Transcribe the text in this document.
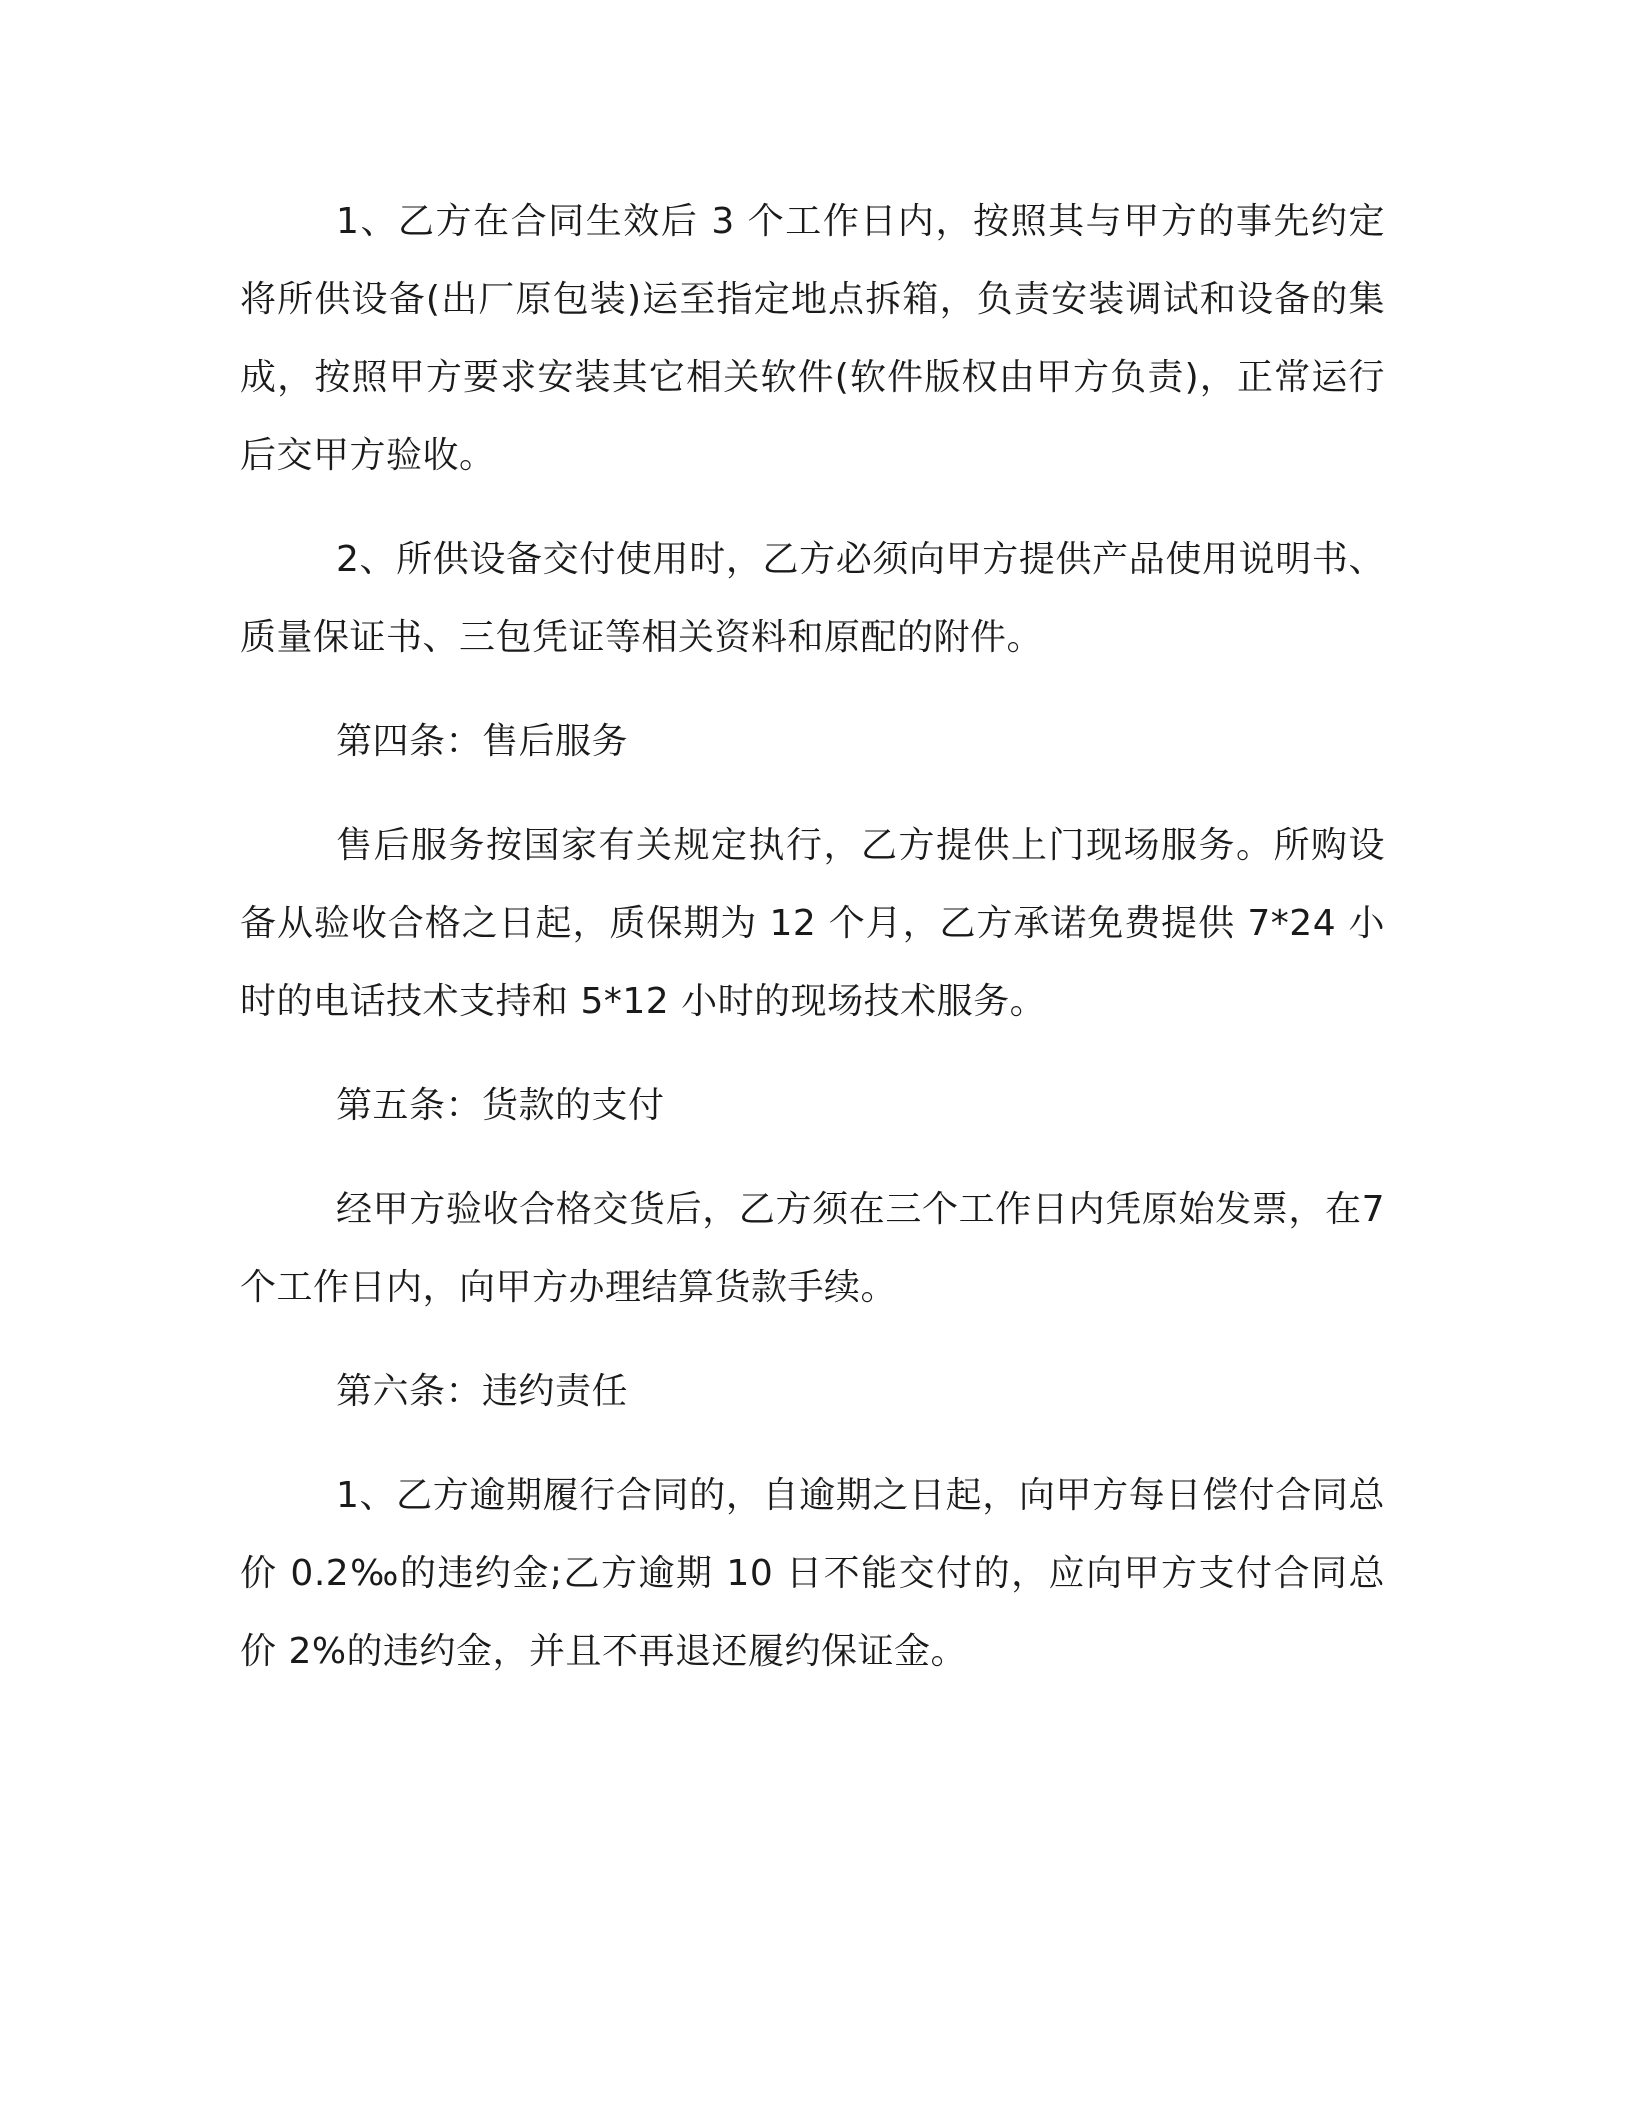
1、乙方在合同生效后 3 个工作日内，按照其与甲方的事先约定将所供设备(出厂原包装)运至指定地点拆箱，负责安装调试和设备的集成，按照甲方要求安装其它相关软件(软件版权由甲方负责)，正常运行后交甲方验收。

2、所供设备交付使用时，乙方必须向甲方提供产品使用说明书、质量保证书、三包凭证等相关资料和原配的附件。

第四条：售后服务

售后服务按国家有关规定执行，乙方提供上门现场服务。所购设备从验收合格之日起，质保期为 12 个月，乙方承诺免费提供 7*24 小时的电话技术支持和 5*12 小时的现场技术服务。

第五条：货款的支付

经甲方验收合格交货后，乙方须在三个工作日内凭原始发票，在7 个工作日内，向甲方办理结算货款手续。

第六条：违约责任

1、乙方逾期履行合同的，自逾期之日起，向甲方每日偿付合同总价 0.2‰的违约金;乙方逾期 10 日不能交付的，应向甲方支付合同总价 2%的违约金，并且不再退还履约保证金。
